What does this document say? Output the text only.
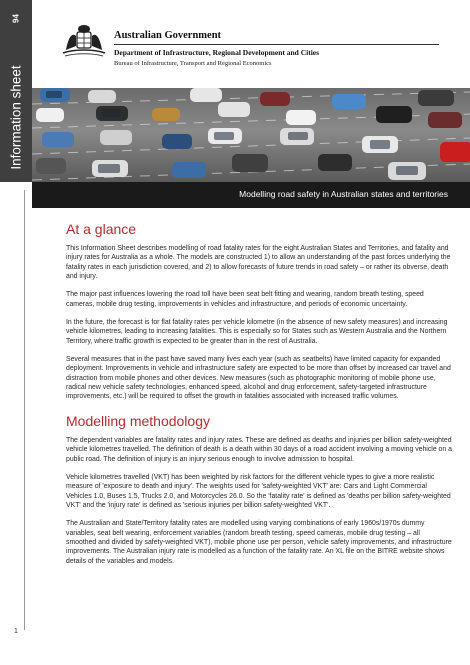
94
Information sheet
1
Australian Government
Department of Infrastructure, Regional Development and Cities
Bureau of Infrastructure, Transport and Regional Economics
Modelling road safety in Australian states and territories
At a glance

This Information Sheet describes modelling of road fatality rates for the eight Australian States and Territories, and fatality and injury rates for Australia as a whole. The models are constructed 1) to allow an understanding of the past forces underlying the fatality rates in each jurisdiction covered, and 2) to allow forecasts of future trends in road safety – or rather its obverse, death and injury.

The major past influences lowering the road toll have been seat belt fitting and wearing, random breath testing, speed cameras, mobile drug testing, improvements in vehicles and infrastructure, and periods of economic uncertainty.

In the future, the forecast is for flat fatality rates per vehicle kilometre (in the absence of new safety measures) and increasing vehicle kilometres, leading to increasing fatalities. This is especially so for States such as Western Australia and the Northern Territory, where traffic growth is expected to be greater than in the rest of Australia.

Several measures that in the past have saved many lives each year (such as seatbelts) have limited capacity for expanded deployment. Improvements in vehicle and infrastructure safety are expected to be more than offset by increased car travel and distraction from mobile phones and other devices. New measures (such as photographic monitoring of mobile phone use, radical new vehicle safety technologies, enhanced speed, alcohol and drug enforcement, safety-targeted infrastructure improvements, etc.) will be required to offset the growth in fatalities associated with increased traffic volumes.

Modelling methodology

The dependent variables are fatality rates and injury rates. These are defined as deaths and injuries per billion safety-weighted vehicle kilometres travelled. The definition of death is a death within 30 days of a road accident involving a moving vehicle on a public road. The definition of injury is an injury serious enough to involve admission to hospital.

Vehicle kilometres travelled (VKT) has been weighted by risk factors for the different vehicle types to give a more realistic measure of 'exposure to death and injury'. The weights used for 'safety-weighted VKT' are: Cars and Light Commercial Vehicles 1.0, Buses 1.5, Trucks 2.0, and Motorcycles 26.0. So the 'fatality rate' is defined as 'deaths per billion safety-weighted VKT' and the 'injury rate' is defined as 'serious injuries per billion safety-weighted VKT'.

The Australian and State/Territory fatality rates are modelled using varying combinations of early 1960s/1970s dummy variables, seat belt wearing, enforcement variables (random breath testing, speed cameras, mobile drug testing – all smoothed and divided by safety-weighted VKT), mobile phone use per person, vehicle safety improvements, and infrastructure improvements. The Australian injury rate is modelled as a function of the fatality rate. An XL file on the BITRE website shows details of the variables and models.
